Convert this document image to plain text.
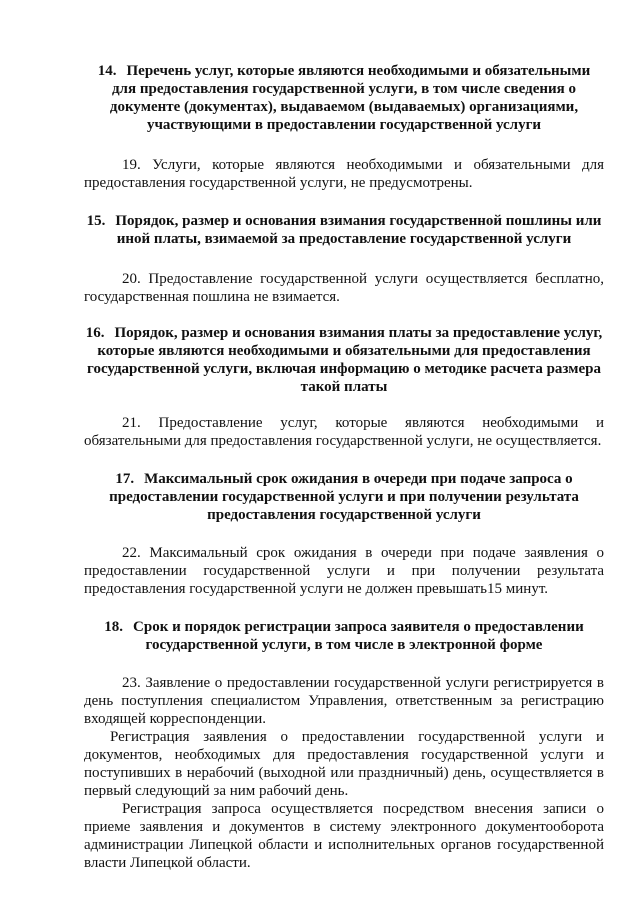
14. Перечень услуг, которые являются необходимыми и обязательными для предоставления государственной услуги, в том числе сведения о документе (документах), выдаваемом (выдаваемых) организациями, участвующими в предоставлении государственной услуги

19. Услуги, которые являются необходимыми и обязательными для предоставления государственной услуги, не предусмотрены.

15. Порядок, размер и основания взимания государственной пошлины или иной платы, взимаемой за предоставление государственной услуги

20. Предоставление государственной услуги осуществляется бесплатно, государственная пошлина не взимается.

16. Порядок, размер и основания взимания платы за предоставление услуг, которые являются необходимыми и обязательными для предоставления государственной услуги, включая информацию о методике расчета размера такой платы

21. Предоставление услуг, которые являются необходимыми и обязательными для предоставления государственной услуги, не осуществляется.

17. Максимальный срок ожидания в очереди при подаче запроса о предоставлении государственной услуги и при получении результата предоставления государственной услуги

22. Максимальный срок ожидания в очереди при подаче заявления о предоставлении государственной услуги и при получении результата предоставления государственной услуги не должен превышать15 минут.

18. Срок и порядок регистрации запроса заявителя о предоставлении государственной услуги, в том числе в электронной форме

23. Заявление о предоставлении государственной услуги регистрируется в день поступления специалистом Управления, ответственным за регистрацию входящей корреспонденции.

Регистрация заявления о предоставлении государственной услуги и документов, необходимых для предоставления государственной услуги и поступивших в нерабочий (выходной или праздничный) день, осуществляется в первый следующий за ним рабочий день.

Регистрация запроса осуществляется посредством внесения записи о приеме заявления и документов в систему электронного документооборота администрации Липецкой области и исполнительных органов государственной власти Липецкой области.
